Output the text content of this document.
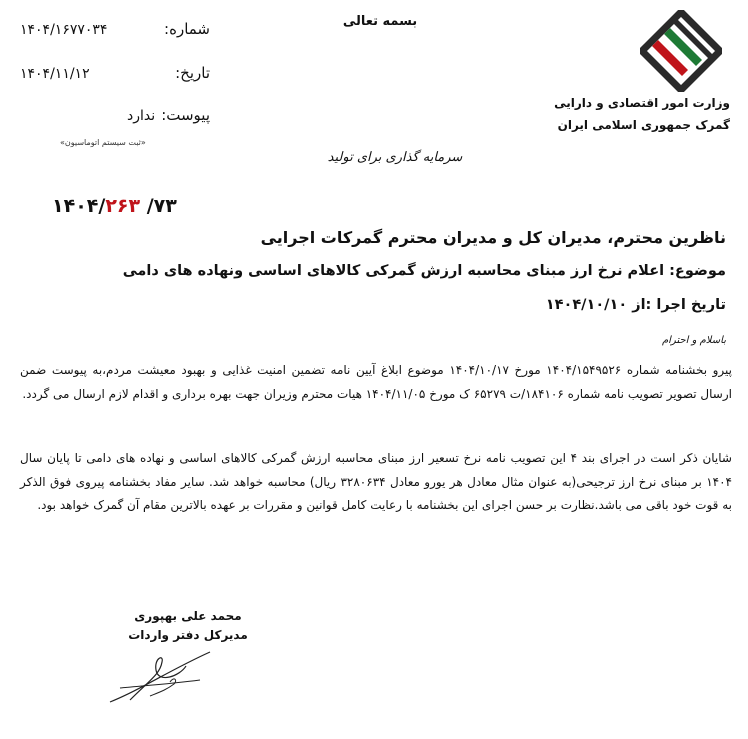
بسمه تعالی
۱۴۰۴/۱۶۷۷۰۳۴	شماره:
۱۴۰۴/۱۱/۱۲	تاریخ:
ندارد پیوست:
«ثبت سیستم اتوماسیون»
سرمایه گذاری برای تولید
وزارت امور اقتصادی و دارایی
گمرک جمهوری اسلامی ایران
۱۴۰۴/۲۶۳ /۷۳
ناظرین محترم، مدیران کل و مدیران محترم گمرکات اجرایی
موضوع: اعلام نرخ ارز مبنای محاسبه ارزش گمرکی کالاهای اساسی ونهاده های دامی
تاریخ اجرا :از ۱۴۰۴/۱۰/۱۰
باسلام و احترام
پیرو بخشنامه شماره ۱۴۰۴/۱۵۴۹۵۲۶ مورخ ۱۴۰۴/۱۰/۱۷ موضوع ابلاغ آیین نامه تضمین امنیت غذایی و بهبود معیشت مردم،به پیوست ضمن ارسال تصویر تصویب نامه شماره ۱۸۴۱۰۶/ت ۶۵۲۷۹ ک مورخ ۱۴۰۴/۱۱/۰۵ هیات محترم وزیران جهت بهره برداری و اقدام لازم ارسال می گردد.
شایان ذکر است در اجرای بند ۴ این تصویب نامه نرخ تسعیر ارز مبنای محاسبه ارزش گمرکی کالاهای اساسی و نهاده های دامی تا پایان سال ۱۴۰۴ بر مبنای نرخ ارز ترجیحی(به عنوان مثال معادل هر یورو معادل ۳۲۸۰۶۳۴ ریال) محاسبه خواهد شد. سایر مفاد بخشنامه پیروی فوق الذکر به قوت خود باقی می باشد.نظارت بر حسن اجرای این بخشنامه با رعایت کامل قوانین و مقررات بر عهده بالاترین مقام آن گمرک خواهد بود.
محمد علی بهپوری
مدیرکل دفتر واردات
